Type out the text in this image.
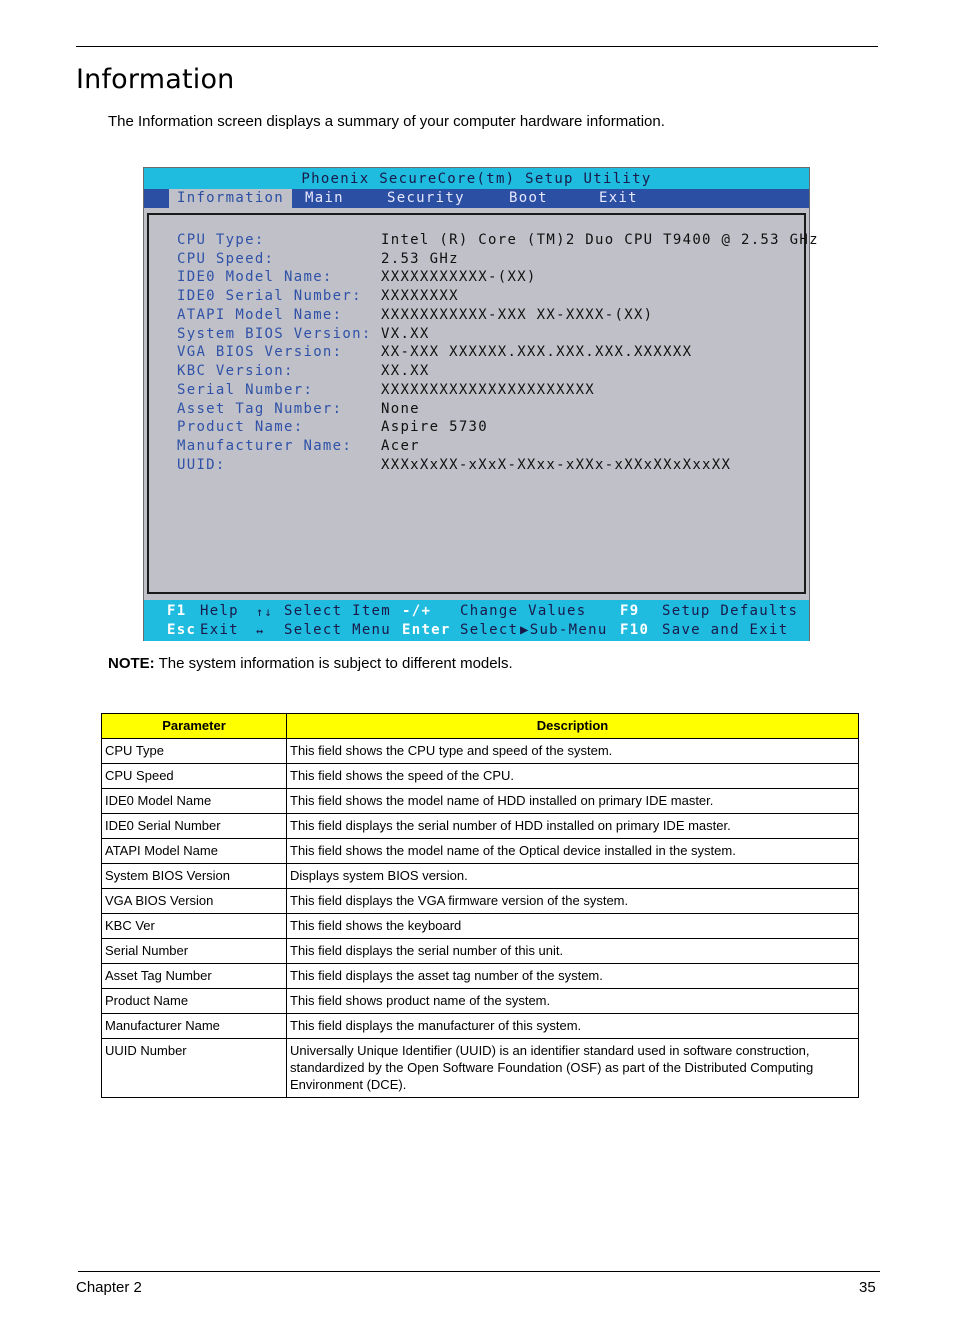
Information
The Information screen displays a summary of your computer hardware information.
Phoenix SecureCore(tm) Setup Utility
Information	Main	Security	Boot	Exit
CPU Type:	Intel (R) Core (TM)2 Duo CPU T9400 @ 2.53 GHz
CPU Speed:	2.53 GHz
IDE0 Model Name:	XXXXXXXXXXX-(XX)
IDE0 Serial Number: XXXXXXXX
ATAPI Model Name:	XXXXXXXXXXX-XXX XX-XXXX-(XX)
System BIOS Version: VX.XX
VGA BIOS Version:	XX-XXX XXXXXX.XXX.XXX.XXX.XXXXXX
KBC Version:	XX.XX
Serial Number:	XXXXXXXXXXXXXXXXXXXXXX
Asset Tag Number:	None
Product Name:	Aspire 5730
Manufacturer Name: Acer
UUID:	XXXxXxXX-xXxX-XXxx-xXXx-xXXxXXxXxxXX
F1 Help ↑↓ Select Item -/+ Change Values F9 Setup Defaults
Esc Exit ↔ Select Menu Enter Select ▶Sub-Menu F10 Save and Exit
NOTE: The system information is subject to different models.
Parameter	Description
CPU Type	This field shows the CPU type and speed of the system.
CPU Speed	This field shows the speed of the CPU.
IDE0 Model Name	This field shows the model name of HDD installed on primary IDE master.
IDE0 Serial Number	This field displays the serial number of HDD installed on primary IDE master.
ATAPI Model Name	This field shows the model name of the Optical device installed in the system.
System BIOS Version	Displays system BIOS version.
VGA BIOS Version	This field displays the VGA firmware version of the system.
KBC Ver	This field shows the keyboard
Serial Number	This field displays the serial number of this unit.
Asset Tag Number	This field displays the asset tag number of the system.
Product Name	This field shows product name of the system.
Manufacturer Name	This field displays the manufacturer of this system.
UUID Number	Universally Unique Identifier (UUID) is an identifier standard used in software construction, standardized by the Open Software Foundation (OSF) as part of the Distributed Computing Environment (DCE).
Chapter 2	35
